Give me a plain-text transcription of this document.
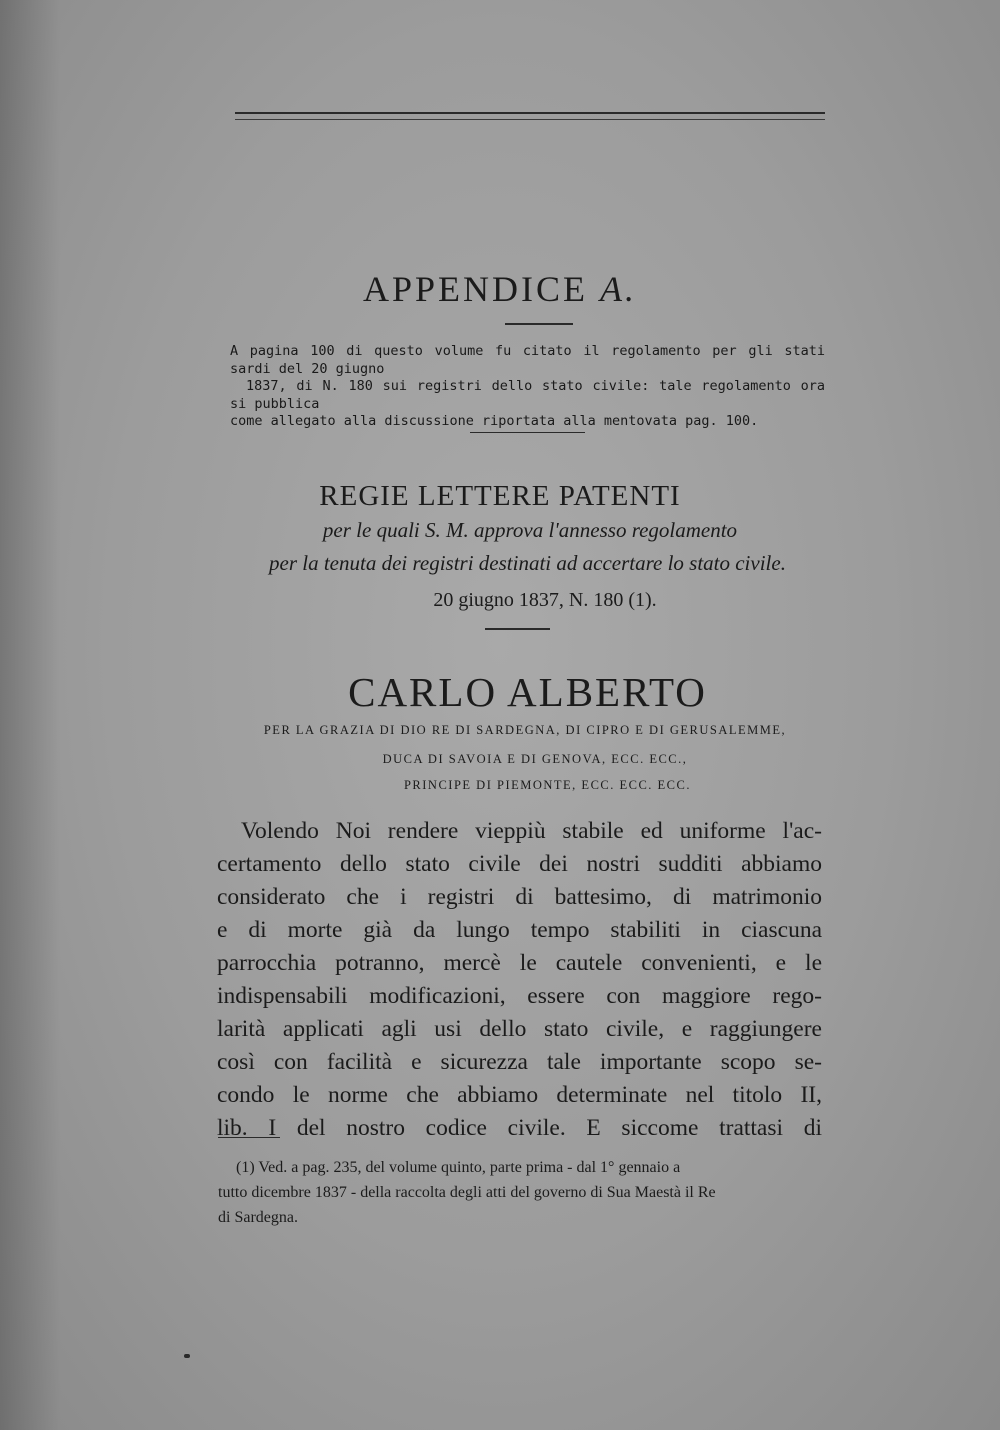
APPENDICE A.

A pagina 100 di questo volume fu citato il regolamento per gli stati sardi del 20 giugno

1837, di N. 180 sui registri dello stato civile: tale regolamento ora si pubblica

come allegato alla discussione riportata alla mentovata pag. 100.

REGIE LETTERE PATENTI
per le quali S. M. approva l'annesso regolamento
per la tenuta dei registri destinati ad accertare lo stato civile.
20 giugno 1837, N. 180 (1).
CARLO ALBERTO
PER LA GRAZIA DI DIO RE DI SARDEGNA, DI CIPRO E DI GERUSALEMME,
DUCA DI SAVOIA E DI GENOVA, ECC. ECC.,
PRINCIPE DI PIEMONTE, ECC. ECC. ECC.
Volendo Noi rendere vieppiù stabile ed uniforme l'ac-
certamento dello stato civile dei nostri sudditi abbiamo
considerato che i registri di battesimo, di matrimonio
e di morte già da lungo tempo stabiliti in ciascuna
parrocchia potranno, mercè le cautele convenienti, e le
indispensabili modificazioni, essere con maggiore rego-
larità applicati agli usi dello stato civile, e raggiungere
così con facilità e sicurezza tale importante scopo se-
condo le norme che abbiamo determinate nel titolo II,
lib. I del nostro codice civile. E siccome trattasi di

(1) Ved. a pag. 235, del volume quinto, parte prima - dal 1° gennaio a

tutto dicembre 1837 - della raccolta degli atti del governo di Sua Maestà il Re

di Sardegna.
